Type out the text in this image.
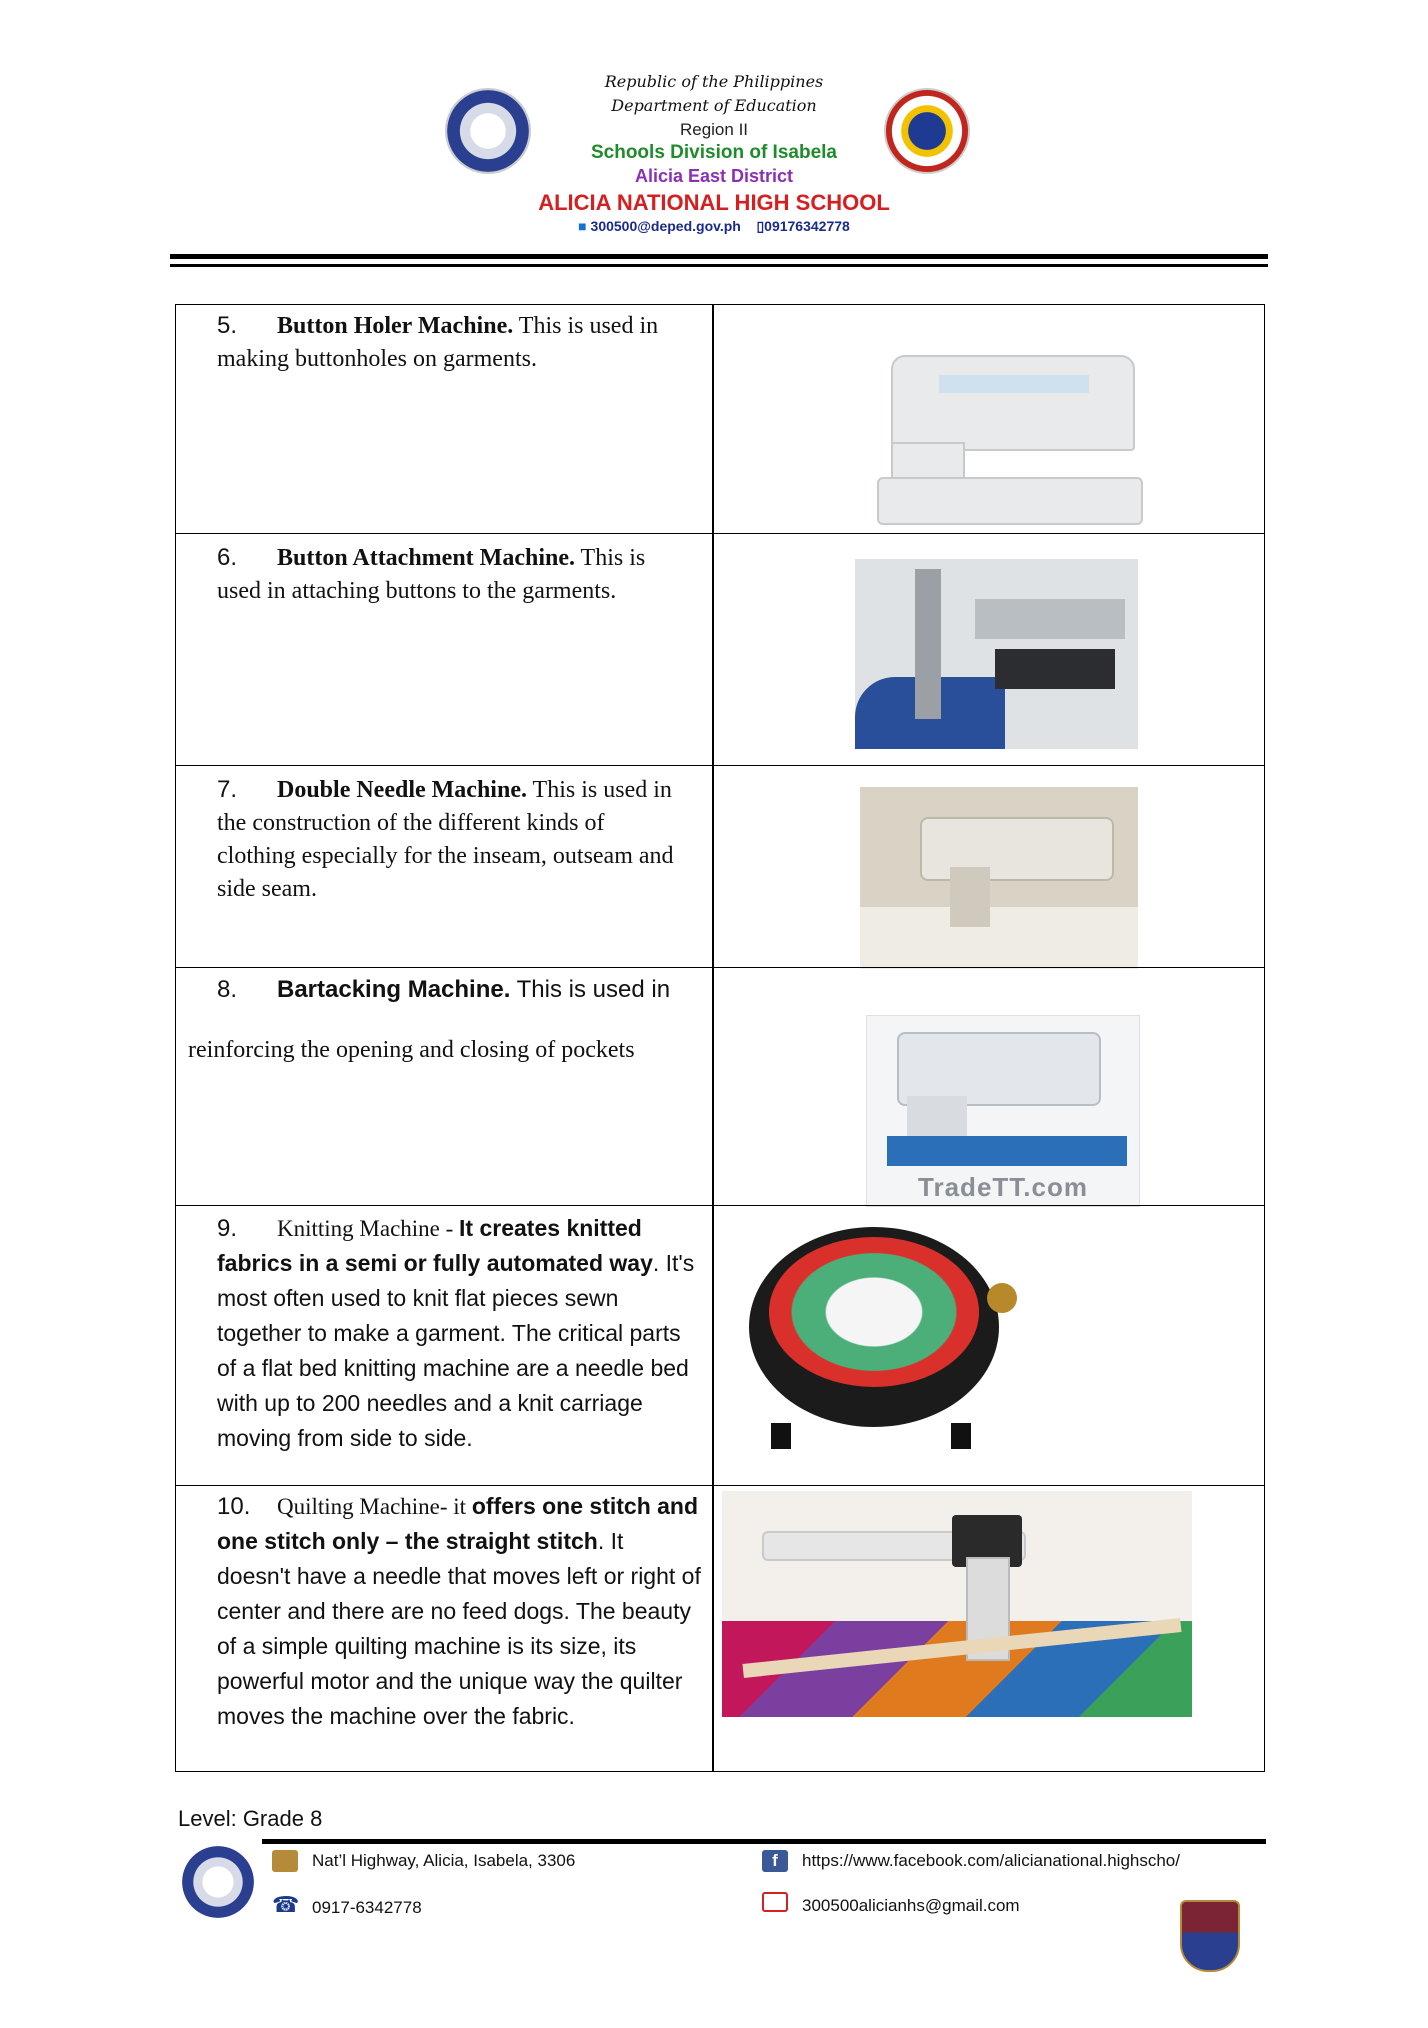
Republic of the Philippines
Department of Education
Region II
Schools Division of Isabela
Alicia East District
ALICIA NATIONAL HIGH SCHOOL
■ 300500@deped.gov.ph ▯09176342778
5. Button Holer Machine. This is used in making buttonholes on garments.
6. Button Attachment Machine. This is used in attaching buttons to the garments.
7. Double Needle Machine. This is used in the construction of the different kinds of clothing especially for the inseam, outseam and side seam.
8. Bartacking Machine. This is used in
reinforcing the opening and closing of pockets
TradeTT.com
9. Knitting Machine - It creates knitted fabrics in a semi or fully automated way. It's most often used to knit flat pieces sewn together to make a garment. The critical parts of a flat bed knitting machine are a needle bed with up to 200 needles and a knit carriage moving from side to side.
10. Quilting Machine- it offers one stitch and one stitch only – the straight stitch. It doesn't have a needle that moves left or right of center and there are no feed dogs. The beauty of a simple quilting machine is its size, its powerful motor and the unique way the quilter moves the machine over the fabric.
Level: Grade 8
Nat’l Highway, Alicia, Isabela, 3306
☎ 0917-6342778
f	https://www.facebook.com/alicianational.highscho/
300500alicianhs@gmail.com
